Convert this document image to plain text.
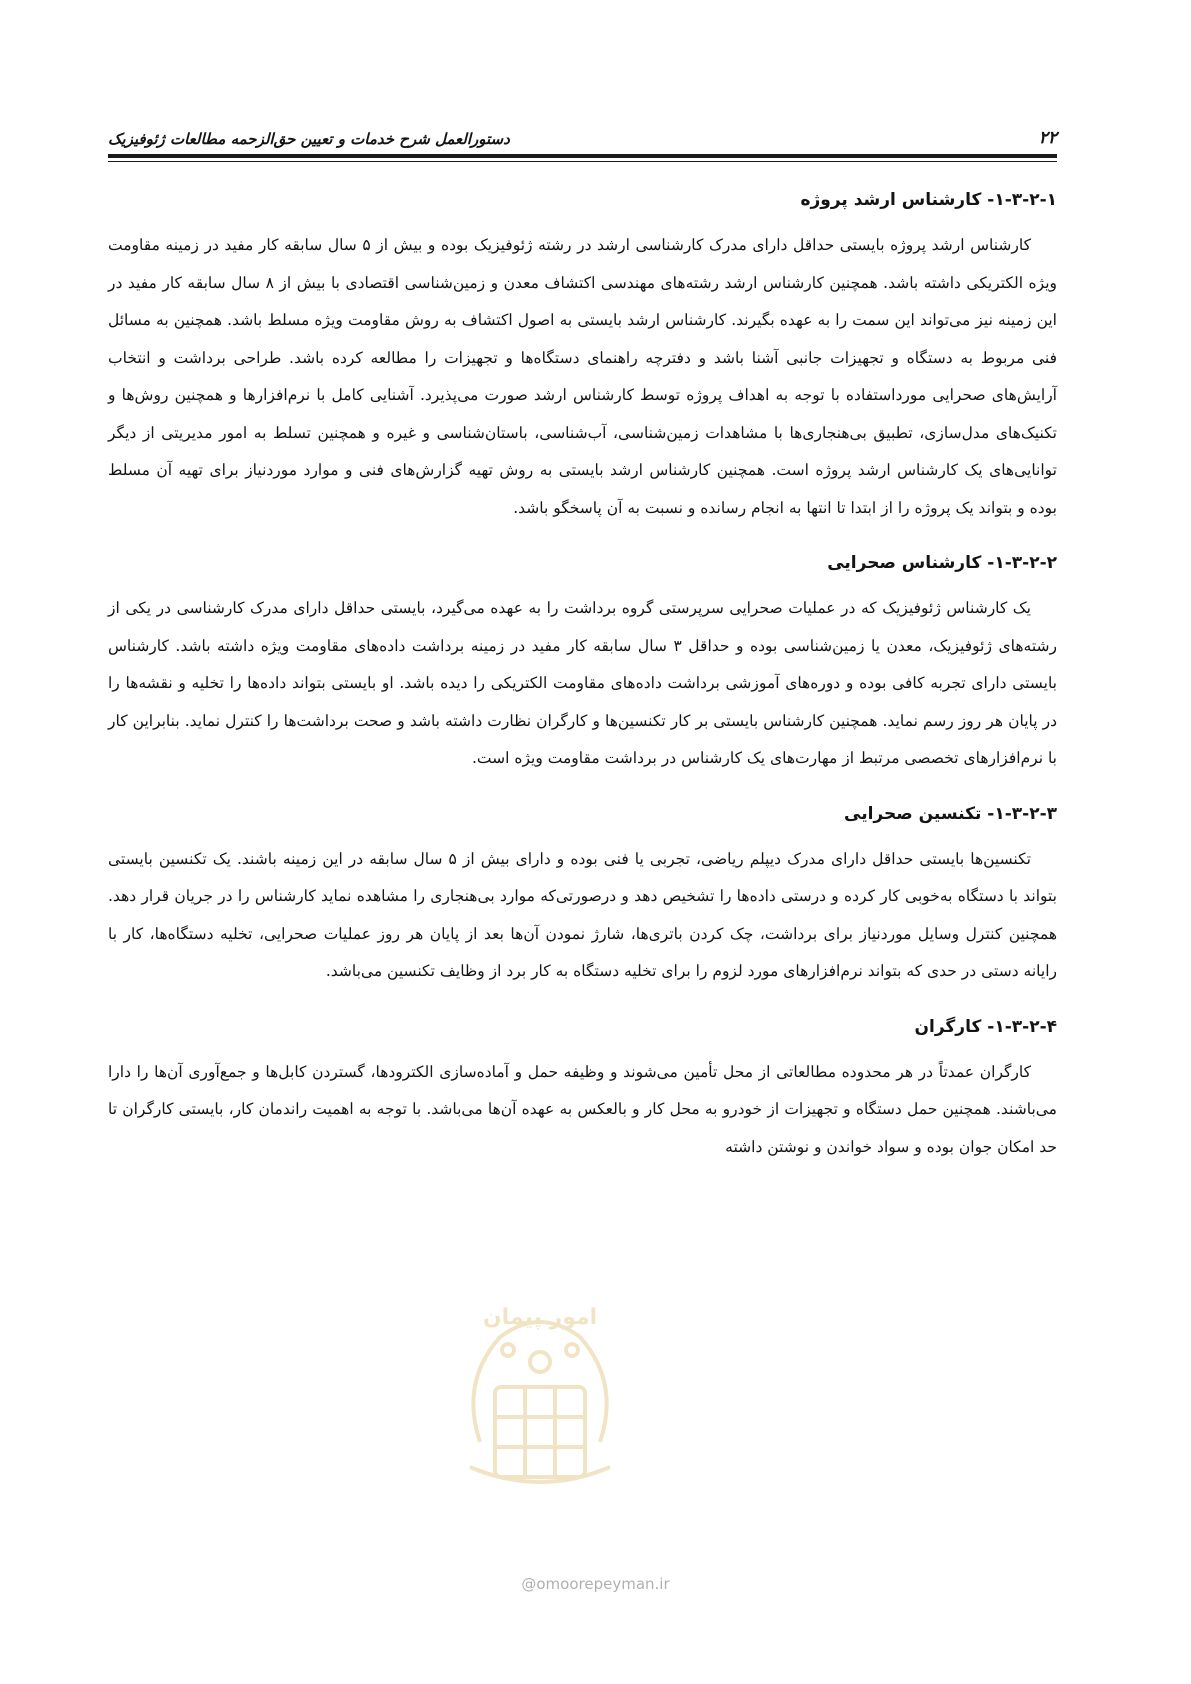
۲۲
دستورالعمل شرح خدمات و تعیین حق‌الزحمه مطالعات ژئوفیزیک
۱-۳-۲-۱- کارشناس ارشد پروژه

کارشناس ارشد پروژه بایستی حداقل دارای مدرک کارشناسی ارشد در رشته ژئوفیزیک بوده و بیش از ۵ سال سابقه کار مفید در زمینه مقاومت ویژه الکتریکی داشته باشد. همچنین کارشناس ارشد رشته‌های مهندسی اکتشاف معدن و زمین‌شناسی اقتصادی با بیش از ۸ سال سابقه کار مفید در این زمینه نیز می‌تواند این سمت را به عهده بگیرند. کارشناس ارشد بایستی به اصول اکتشاف به روش مقاومت ویژه مسلط باشد. همچنین به مسائل فنی مربوط به دستگاه و تجهیزات جانبی آشنا باشد و دفترچه راهنمای دستگاه‌ها و تجهیزات را مطالعه کرده باشد. طراحی برداشت و انتخاب آرایش‌های صحرایی مورداستفاده با توجه به اهداف پروژه توسط کارشناس ارشد صورت می‌پذیرد. آشنایی کامل با نرم‌افزارها و همچنین روش‌ها و تکنیک‌های مدل‌سازی، تطبیق بی‌هنجاری‌ها با مشاهدات زمین‌شناسی، آب‌شناسی، باستان‌شناسی و غیره و همچنین تسلط به امور مدیریتی از دیگر توانایی‌های یک کارشناس ارشد پروژه است. همچنین کارشناس ارشد بایستی به روش تهیه گزارش‌های فنی و موارد موردنیاز برای تهیه آن مسلط بوده و بتواند یک پروژه را از ابتدا تا انتها به انجام رسانده و نسبت به آن پاسخگو باشد.

۱-۳-۲-۲- کارشناس صحرایی

یک کارشناس ژئوفیزیک که در عملیات صحرایی سرپرستی گروه برداشت را به عهده می‌گیرد، بایستی حداقل دارای مدرک کارشناسی در یکی از رشته‌های ژئوفیزیک، معدن یا زمین‌شناسی بوده و حداقل ۳ سال سابقه کار مفید در زمینه برداشت داده‌های مقاومت ویژه داشته باشد. کارشناس بایستی دارای تجربه کافی بوده و دوره‌های آموزشی برداشت داده‌های مقاومت الکتریکی را دیده باشد. او بایستی بتواند داده‌ها را تخلیه و نقشه‌ها را در پایان هر روز رسم نماید. همچنین کارشناس بایستی بر کار تکنسین‌ها و کارگران نظارت داشته باشد و صحت برداشت‌ها را کنترل نماید. بنابراین کار با نرم‌افزارهای تخصصی مرتبط از مهارت‌های یک کارشناس در برداشت مقاومت ویژه است.

۱-۳-۲-۳- تکنسین صحرایی

تکنسین‌ها بایستی حداقل دارای مدرک دیپلم ریاضی، تجربی یا فنی بوده و دارای بیش از ۵ سال سابقه در این زمینه باشند. یک تکنسین بایستی بتواند با دستگاه به‌خوبی کار کرده و درستی داده‌ها را تشخیص دهد و درصورتی‌که موارد بی‌هنجاری را مشاهده نماید کارشناس را در جریان قرار دهد. همچنین کنترل وسایل موردنیاز برای برداشت، چک کردن باتری‌ها، شارژ نمودن آن‌ها بعد از پایان هر روز عملیات صحرایی، تخلیه دستگاه‌ها، کار با رایانه دستی در حدی که بتواند نرم‌افزارهای مورد لزوم را برای تخلیه دستگاه به کار برد از وظایف تکنسین می‌باشد.

۱-۳-۲-۴- کارگران

کارگران عمدتاً در هر محدوده مطالعاتی از محل تأمین می‌شوند و وظیفه حمل و آماده‌سازی الکترودها، گستردن کابل‌ها و جمع‌آوری آن‌ها را دارا می‌باشند. همچنین حمل دستگاه و تجهیزات از خودرو به محل کار و بالعکس به عهده آن‌ها می‌باشد. با توجه به اهمیت راندمان کار، بایستی کارگران تا حد امکان جوان بوده و سواد خواندن و نوشتن داشته

امور پیمان
@omoorepeyman.ir
